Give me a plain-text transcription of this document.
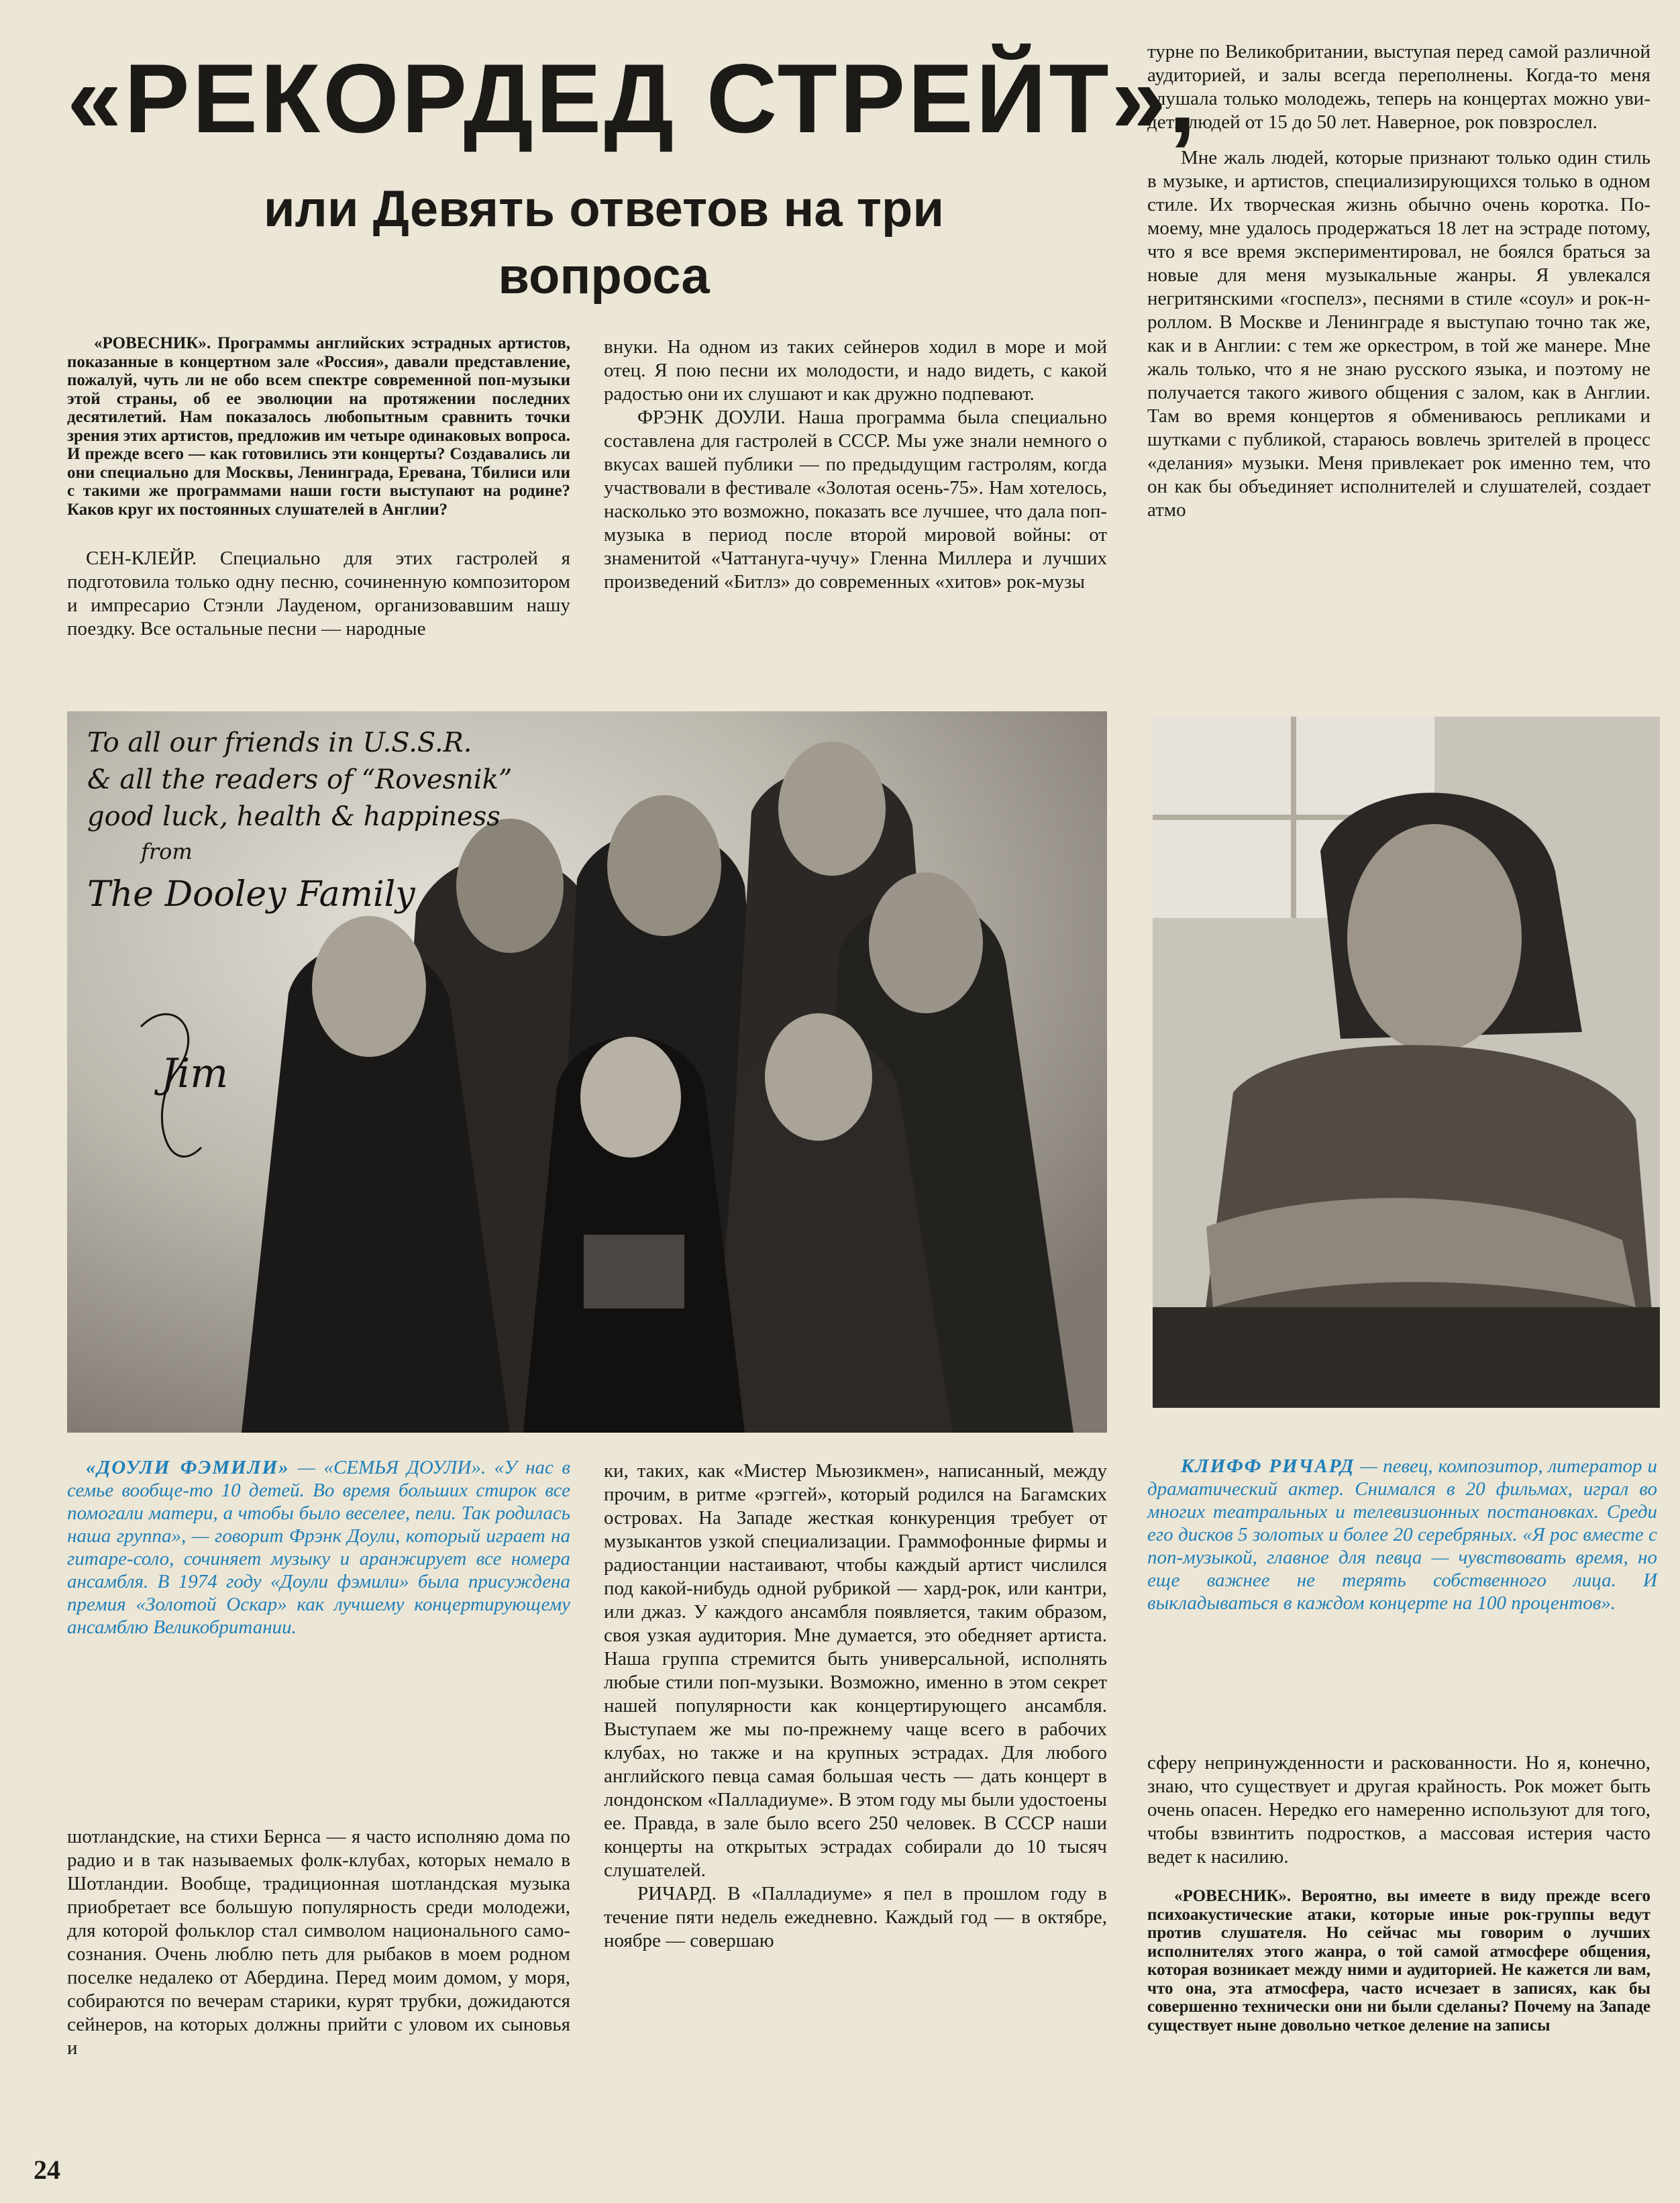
«РЕКОРДЕД СТРЕЙТ»,
или Девять ответов на три
вопроса

«РОВЕСНИК». Программы английских эстрадных артистов, показанные в концертном зале «Россия», давали представление, пожалуй, чуть ли не обо всем спектре современной поп-музыки этой страны, об ее эволюции на протяжении последних десятилетий. Нам показалось любопытным сравнить точки зрения этих артистов, предложив им четыре одинаковых вопроса. И прежде всего — как готовились эти концерты? Создавались ли они специально для Москвы, Ленинграда, Еревана, Тбилиси или с такими же программами наши гости выступают на родине? Каков круг их постоянных слушателей в Англии?

СЕН-КЛЕЙР. Специально для этих гастролей я подготовила только одну песню, сочиненную композитором и импресарио Стэнли Лауденом, организовавшим нашу поездку. Все остальные песни — народные

внуки. На одном из таких сейнеров ходил в море и мой отец. Я пою песни их молодости, и надо видеть, с какой радостью они их слушают и как дружно подпевают.

ФРЭНК ДОУЛИ. Наша программа была специально составлена для гастролей в СССР. Мы уже знали немного о вкусах вашей публики — по предыдущим гастролям, когда участвовали в фестивале «Золотая осень-75». Нам хотелось, насколько это возможно, показать все лучшее, что дала поп-музыка в период после второй мировой войны: от знаменитой «Чаттануга-чучу» Гленна Миллера и лучших произведений «Битлз» до современных «хитов» рок-музы

турне по Великобритании, выступая перед самой различной аудиторией, и залы всегда переполнены. Когда-то меня слушала только молодежь, теперь на концертах можно увидеть людей от 15 до 50 лет. Наверное, рок повзрослел.

Мне жаль людей, которые признают только один стиль в музыке, и артистов, специализирующихся только в одном стиле. Их творческая жизнь обычно очень коротка. По-моему, мне удалось продержаться 18 лет на эстраде потому, что я все время экспериментировал, не боялся браться за новые для меня музыкальные жанры. Я увлекался негритянскими «госпелз», песнями в стиле «соул» и рок-н-роллом. В Москве и Ленинграде я выступаю точно так же, как и в Англии: с тем же оркестром, в той же манере. Мне жаль только, что я не знаю русского языка, и поэтому не получается такого живого общения с залом, как в Англии. Там во время концертов я обмениваюсь репликами и шутками с публикой, стараюсь вовлечь зрителей в процесс «делания» музыки. Меня привлекает рок именно тем, что он как бы объединяет исполнителей и слушателей, создает атмо

To all our friends in U.S.S.R.
& all the readers of “Rovesnik”
good luck, health & happiness
from
The Dooley Family
Jim

«ДОУЛИ ФЭМИЛИ» — «СЕМЬЯ ДОУЛИ». «У нас в семье вообще-то 10 детей. Во время больших стирок все помогали матери, а чтобы было веселее, пели. Так родилась наша группа», — говорит Фрэнк Доули, который играет на гитаре-соло, сочиняет музыку и аранжирует все номера ансамбля. В 1974 году «Доули фэмили» была присуждена премия «Золотой Оскар» как лучшему концертирующему ансамблю Великобритании.

ки, таких, как «Мистер Мьюзикмен», написанный, между прочим, в ритме «рэггей», который родился на Багамских островах. На Западе жесткая конкуренция требует от музыкантов узкой специализации. Граммофонные фирмы и радиостанции настаивают, чтобы каждый артист числился под какой-нибудь одной рубрикой — хард-рок, или кантри, или джаз. У каждого ансамбля появляется, таким образом, своя узкая аудитория. Мне думается, это обедняет артиста. Наша группа стремится быть универсальной, исполнять любые стили поп-музыки. Возможно, именно в этом секрет нашей популярности как концертирующего ансамбля. Выступаем же мы по-прежнему чаще всего в рабочих клубах, но также и на крупных эстрадах. Для любого английского певца самая большая честь — дать концерт в лондонском «Палладиуме». В этом году мы были удостоены ее. Правда, в зале было всего 250 человек. В СССР наши концерты на открытых эстрадах собирали до 10 тысяч слушателей.

РИЧАРД. В «Палладиуме» я пел в прошлом году в течение пяти недель ежедневно. Каждый год — в октябре, ноябре — совершаю

КЛИФФ РИЧАРД — певец, композитор, литератор и драматический актер. Снимался в 20 фильмах, играл во многих театральных и телевизионных постановках. Среди его дисков 5 золотых и более 20 серебряных. «Я рос вместе с поп-музыкой, главное для певца — чувствовать время, но еще важнее не терять собственного лица. И выкладываться в каждом концерте на 100 процентов».

шотландские, на стихи Бернса — я часто исполняю дома по радио и в так называемых фолк-клубах, которых немало в Шотландии. Вообще, традиционная шотландская музыка приобретает все большую популярность среди молодежи, для которой фольклор стал символом национального самосознания. Очень люблю петь для рыбаков в моем родном поселке недалеко от Абердина. Перед моим домом, у моря, собираются по вечерам старики, курят трубки, дожидаются сейнеров, на которых должны прийти с уловом их сыновья и

сферу непринужденности и раскованности. Но я, конечно, знаю, что существует и другая крайность. Рок может быть очень опасен. Нередко его намеренно используют для того, чтобы взвинтить подростков, а массовая истерия часто ведет к насилию.

«РОВЕСНИК». Вероятно, вы имеете в виду прежде всего психоакустические атаки, которые иные рок-группы ведут против слушателя. Но сейчас мы говорим о лучших исполнителях этого жанра, о той самой атмосфере общения, которая возникает между ними и аудиторией. Не кажется ли вам, что она, эта атмосфера, часто исчезает в записях, как бы совершенно технически они ни были сделаны? Почему на Западе существует ныне довольно четкое деление на записы

24
